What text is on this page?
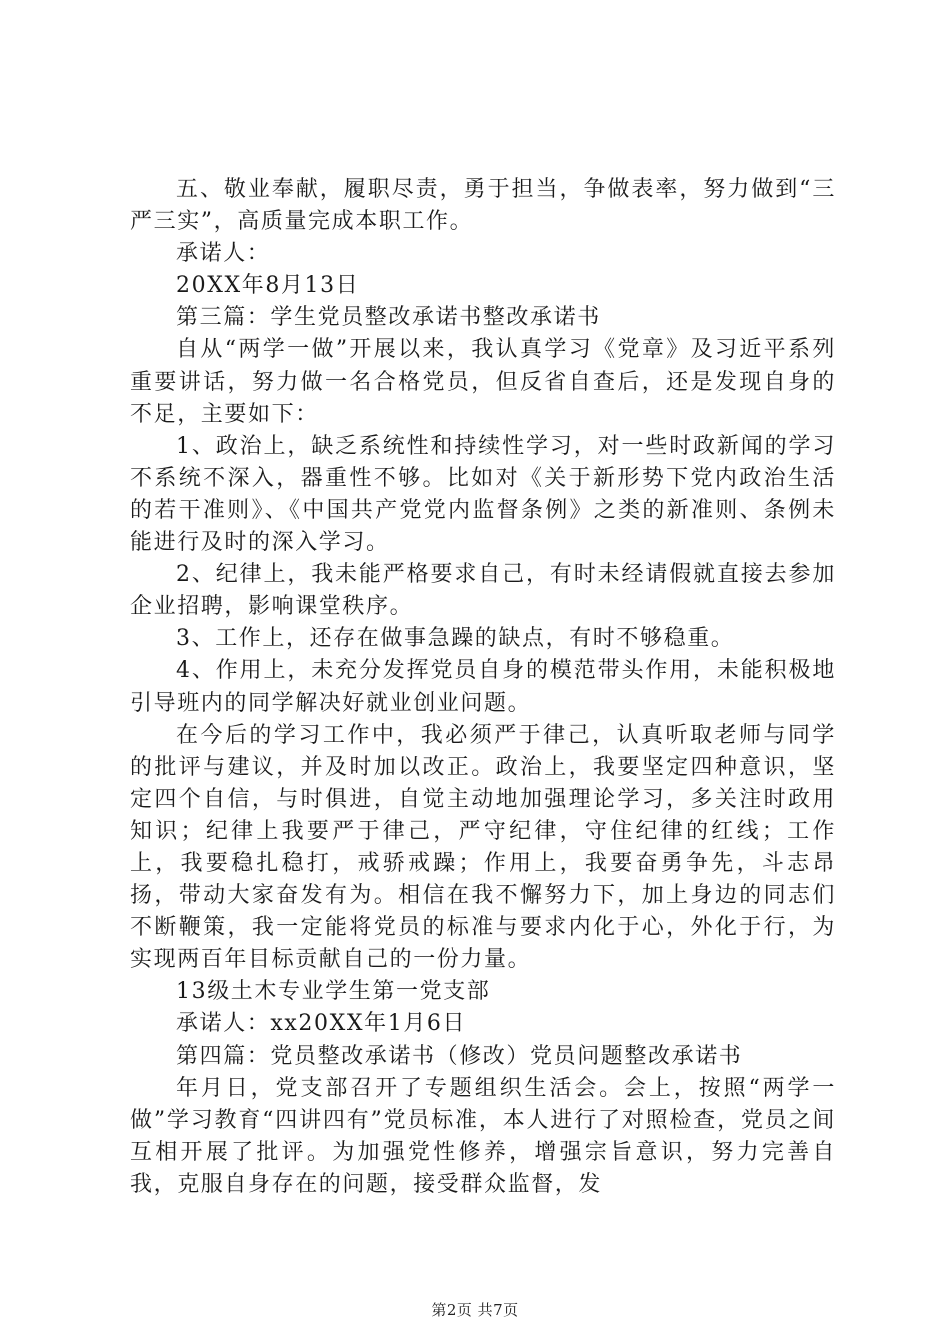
五、敬业奉献，履职尽责，勇于担当，争做表率，努力做到“三严三实”，高质量完成本职工作。

承诺人：

20XX年8月13日

第三篇：学生党员整改承诺书整改承诺书

自从“两学一做”开展以来，我认真学习《党章》及习近平系列重要讲话，努力做一名合格党员，但反省自查后，还是发现自身的不足，主要如下：

1、政治上，缺乏系统性和持续性学习，对一些时政新闻的学习不系统不深入，器重性不够。比如对《关于新形势下党内政治生活的若干准则》、《中国共产党党内监督条例》之类的新准则、条例未能进行及时的深入学习。

2、纪律上，我未能严格要求自己，有时未经请假就直接去参加企业招聘，影响课堂秩序。

3、工作上，还存在做事急躁的缺点，有时不够稳重。

4、作用上，未充分发挥党员自身的模范带头作用，未能积极地引导班内的同学解决好就业创业问题。

在今后的学习工作中，我必须严于律己，认真听取老师与同学的批评与建议，并及时加以改正。政治上，我要坚定四种意识，坚定四个自信，与时俱进，自觉主动地加强理论学习，多关注时政用知识；纪律上我要严于律己，严守纪律，守住纪律的红线；工作上，我要稳扎稳打，戒骄戒躁；作用上，我要奋勇争先，斗志昂扬，带动大家奋发有为。相信在我不懈努力下，加上身边的同志们不断鞭策，我一定能将党员的标准与要求内化于心，外化于行，为实现两百年目标贡献自己的一份力量。

13级土木专业学生第一党支部

承诺人：xx20XX年1月6日

第四篇：党员整改承诺书（修改）党员问题整改承诺书

年月日，党支部召开了专题组织生活会。会上，按照“两学一做”学习教育“四讲四有”党员标准，本人进行了对照检查，党员之间互相开展了批评。为加强党性修养，增强宗旨意识，努力完善自我，克服自身存在的问题，接受群众监督，发

第2页 共7页
